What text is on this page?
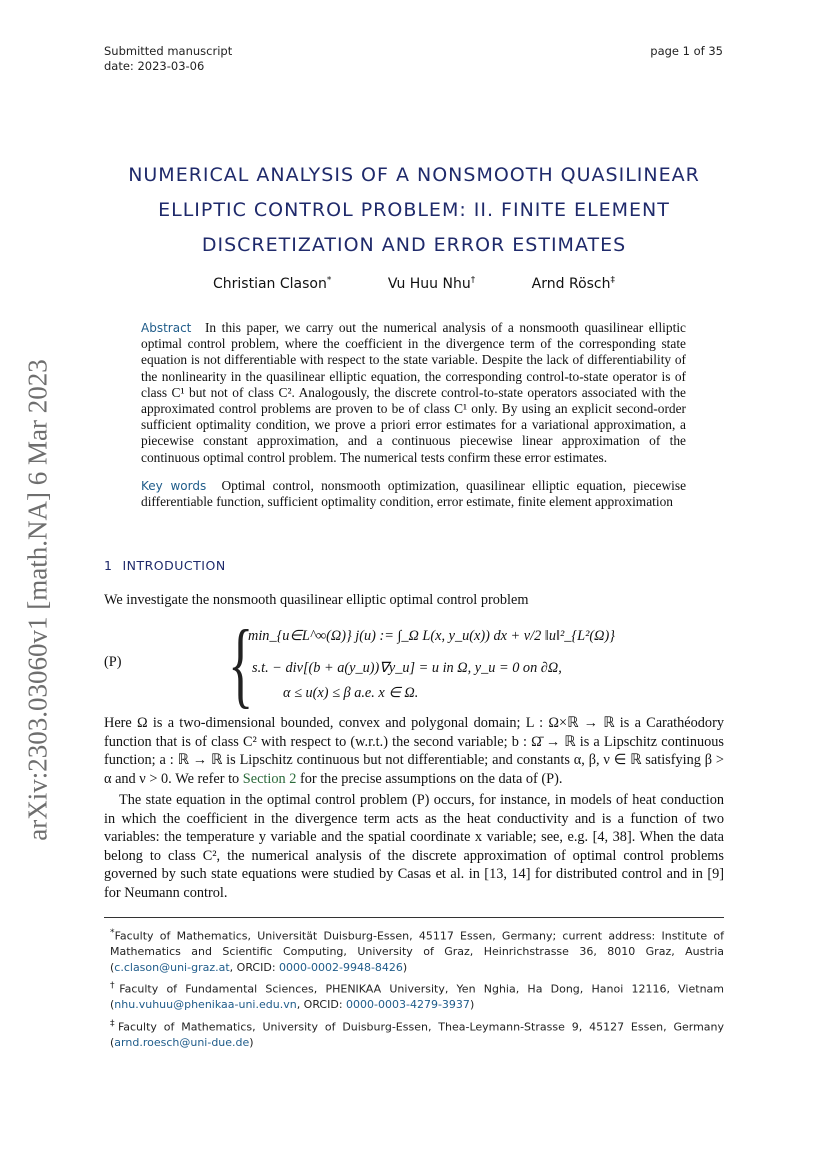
Submitted manuscript
date: 2023-03-06
page 1 of 35
arXiv:2303.03060v1 [math.NA] 6 Mar 2023
NUMERICAL ANALYSIS OF A NONSMOOTH QUASILINEAR
ELLIPTIC CONTROL PROBLEM: II. FINITE ELEMENT
DISCRETIZATION AND ERROR ESTIMATES
Christian Clason*	Vu Huu Nhu†	Arnd Rösch‡
Abstract In this paper, we carry out the numerical analysis of a nonsmooth quasilinear elliptic optimal control problem, where the coefficient in the divergence term of the corresponding state equation is not differentiable with respect to the state variable. Despite the lack of differentiability of the nonlinearity in the quasilinear elliptic equation, the corresponding control-to-state operator is of class C¹ but not of class C². Analogously, the discrete control-to-state operators associated with the approximated control problems are proven to be of class C¹ only. By using an explicit second-order sufficient optimality condition, we prove a priori error estimates for a variational approximation, a piecewise constant approximation, and a continuous piecewise linear approximation of the continuous optimal control problem. The numerical tests confirm these error estimates.
Key words Optimal control, nonsmooth optimization, quasilinear elliptic equation, piecewise differentiable function, sufficient optimality condition, error estimate, finite element approximation
1 INTRODUCTION
We investigate the nonsmooth quasilinear elliptic optimal control problem
(P) {
min_{u∈L^∞(Ω)} j(u) := ∫_Ω L(x, y_u(x)) dx + ν/2 ‖u‖²_{L²(Ω)}
s.t. − div[(b + a(y_u))∇y_u] = u in Ω, y_u = 0 on ∂Ω,
α ≤ u(x) ≤ β a.e. x ∈ Ω.
Here Ω is a two-dimensional bounded, convex and polygonal domain; L : Ω×ℝ → ℝ is a Carathéodory function that is of class C² with respect to (w.r.t.) the second variable; b : Ω̄ → ℝ is a Lipschitz continuous function; a : ℝ → ℝ is Lipschitz continuous but not differentiable; and constants α, β, ν ∈ ℝ satisfying β > α and ν > 0. We refer to Section 2 for the precise assumptions on the data of (P).
The state equation in the optimal control problem (P) occurs, for instance, in models of heat conduction in which the coefficient in the divergence term acts as the heat conductivity and is a function of two variables: the temperature y variable and the spatial coordinate x variable; see, e.g. [4, 38]. When the data belong to class C², the numerical analysis of the discrete approximation of optimal control problems governed by such state equations were studied by Casas et al. in [13, 14] for distributed control and in [9] for Neumann control.
*Faculty of Mathematics, Universität Duisburg-Essen, 45117 Essen, Germany; current address: Institute of Mathematics and Scientific Computing, University of Graz, Heinrichstrasse 36, 8010 Graz, Austria (c.clason@uni-graz.at, ORCID: 0000-0002-9948-8426)
†Faculty of Fundamental Sciences, PHENIKAA University, Yen Nghia, Ha Dong, Hanoi 12116, Vietnam (nhu.vuhuu@phenikaa-uni.edu.vn, ORCID: 0000-0003-4279-3937)
‡Faculty of Mathematics, University of Duisburg-Essen, Thea-Leymann-Strasse 9, 45127 Essen, Germany (arnd.roesch@uni-due.de)
